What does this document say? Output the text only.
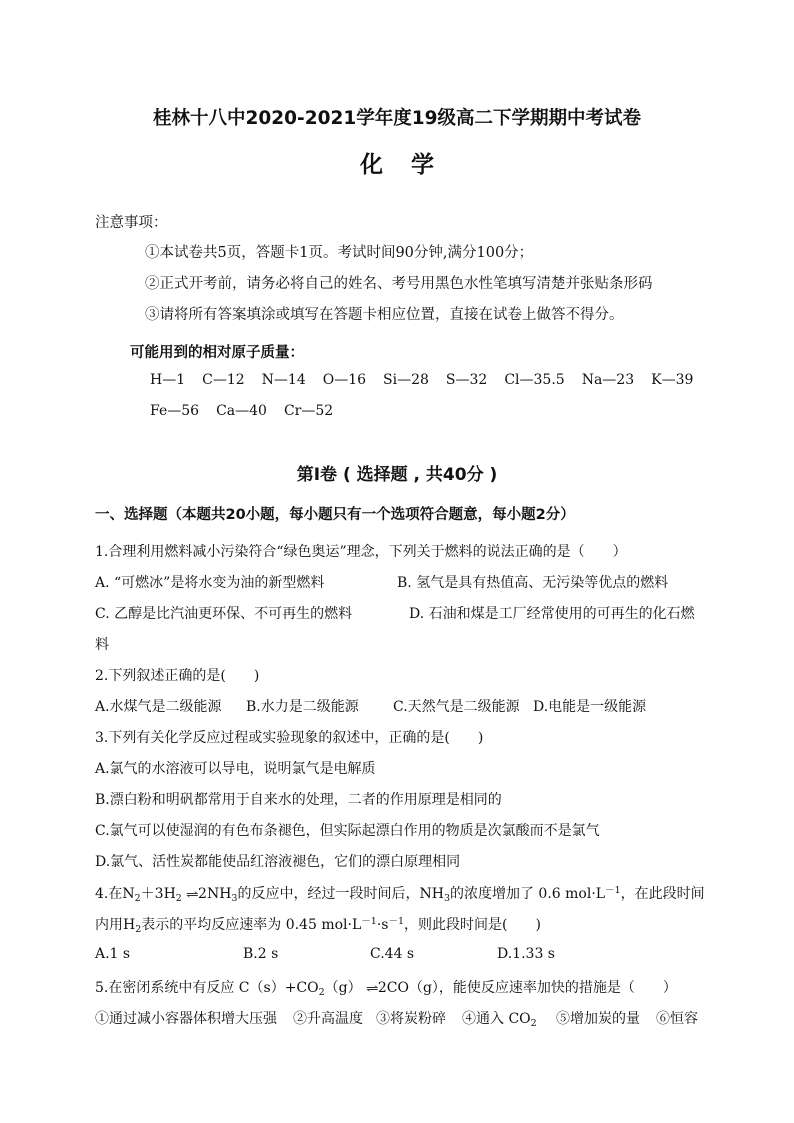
桂林十八中2020-2021学年度19级高二下学期期中考试卷
化 学
注意事项：
①本试卷共5页，答题卡1页。考试时间90分钟,满分100分；
②正式开考前，请务必将自己的姓名、考号用黑色水性笔填写清楚并张贴条形码
③请将所有答案填涂或填写在答题卡相应位置，直接在试卷上做答不得分。
可能用到的相对原子质量：
H—1 C—12 N—14 O—16 Si—28 S—32 Cl—35.5 Na—23 K—39
Fe—56 Ca—40 Cr—52
第I卷 ( 选择题 , 共40分 )
一、选择题（本题共20小题，每小题只有一个选项符合题意，每小题2分）
1.合理利用燃料减小污染符合“绿色奥运”理念，下列关于燃料的说法正确的是（　　）
A. “可燃冰”是将水变为油的新型燃料	B. 氢气是具有热值高、无污染等优点的燃料
C. 乙醇是比汽油更环保、不可再生的燃料	D. 石油和煤是工厂经常使用的可再生的化石燃
料
2.下列叙述正确的是(　　)
A.水煤气是二级能源 B.水力是二级能源 C.天然气是二级能源 D.电能是一级能源
3.下列有关化学反应过程或实验现象的叙述中，正确的是(　　)
A.氯气的水溶液可以导电，说明氯气是电解质
B.漂白粉和明矾都常用于自来水的处理，二者的作用原理是相同的
C.氯气可以使湿润的有色布条褪色，但实际起漂白作用的物质是次氯酸而不是氯气
D.氯气、活性炭都能使品红溶液褪色，它们的漂白原理相同
4.在$N_2+3H_2$ ⇌ $2NH_3$的反应中，经过一段时间后，$NH_3$的浓度增加了 0.6 $mol\cdot L^{-1}$，在此段时间
内用$H_2$表示的平均反应速率为 0.45 $mol\cdot L^{-1}\cdot s^{-1}$，则此段时间是(　　)
A.1 s	B.2 s	C.44 s	D.1.33 s
5.在密闭系统中有反应 $C(s)+CO_2(g)$ ⇌ 2CO（g），能使反应速率加快的措施是（　　）
①通过减小容器体积增大压强 ②升高温度 ③将炭粉碎 ④通入 $CO_2$ ⑤增加炭的量 ⑥恒容
